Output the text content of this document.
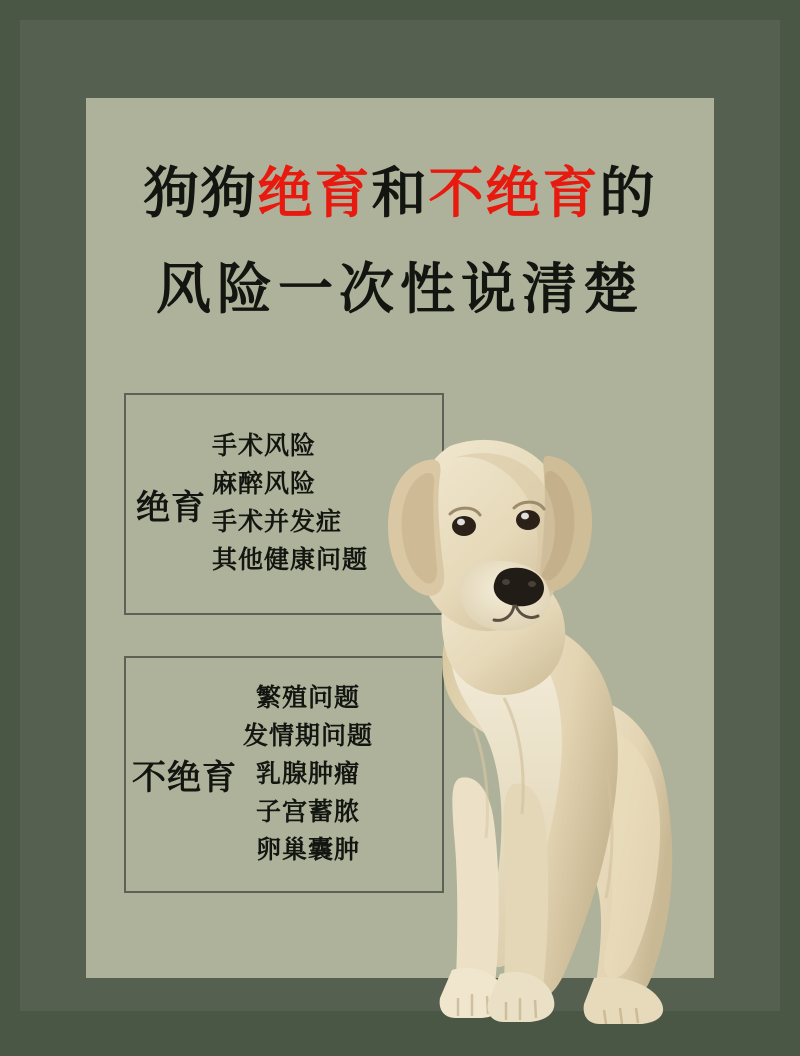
狗狗绝育和不绝育的
风险一次性说清楚
绝育
手术风险
麻醉风险
手术并发症
其他健康问题
不绝育
繁殖问题
发情期问题
乳腺肿瘤
子宫蓄脓
卵巢囊肿
